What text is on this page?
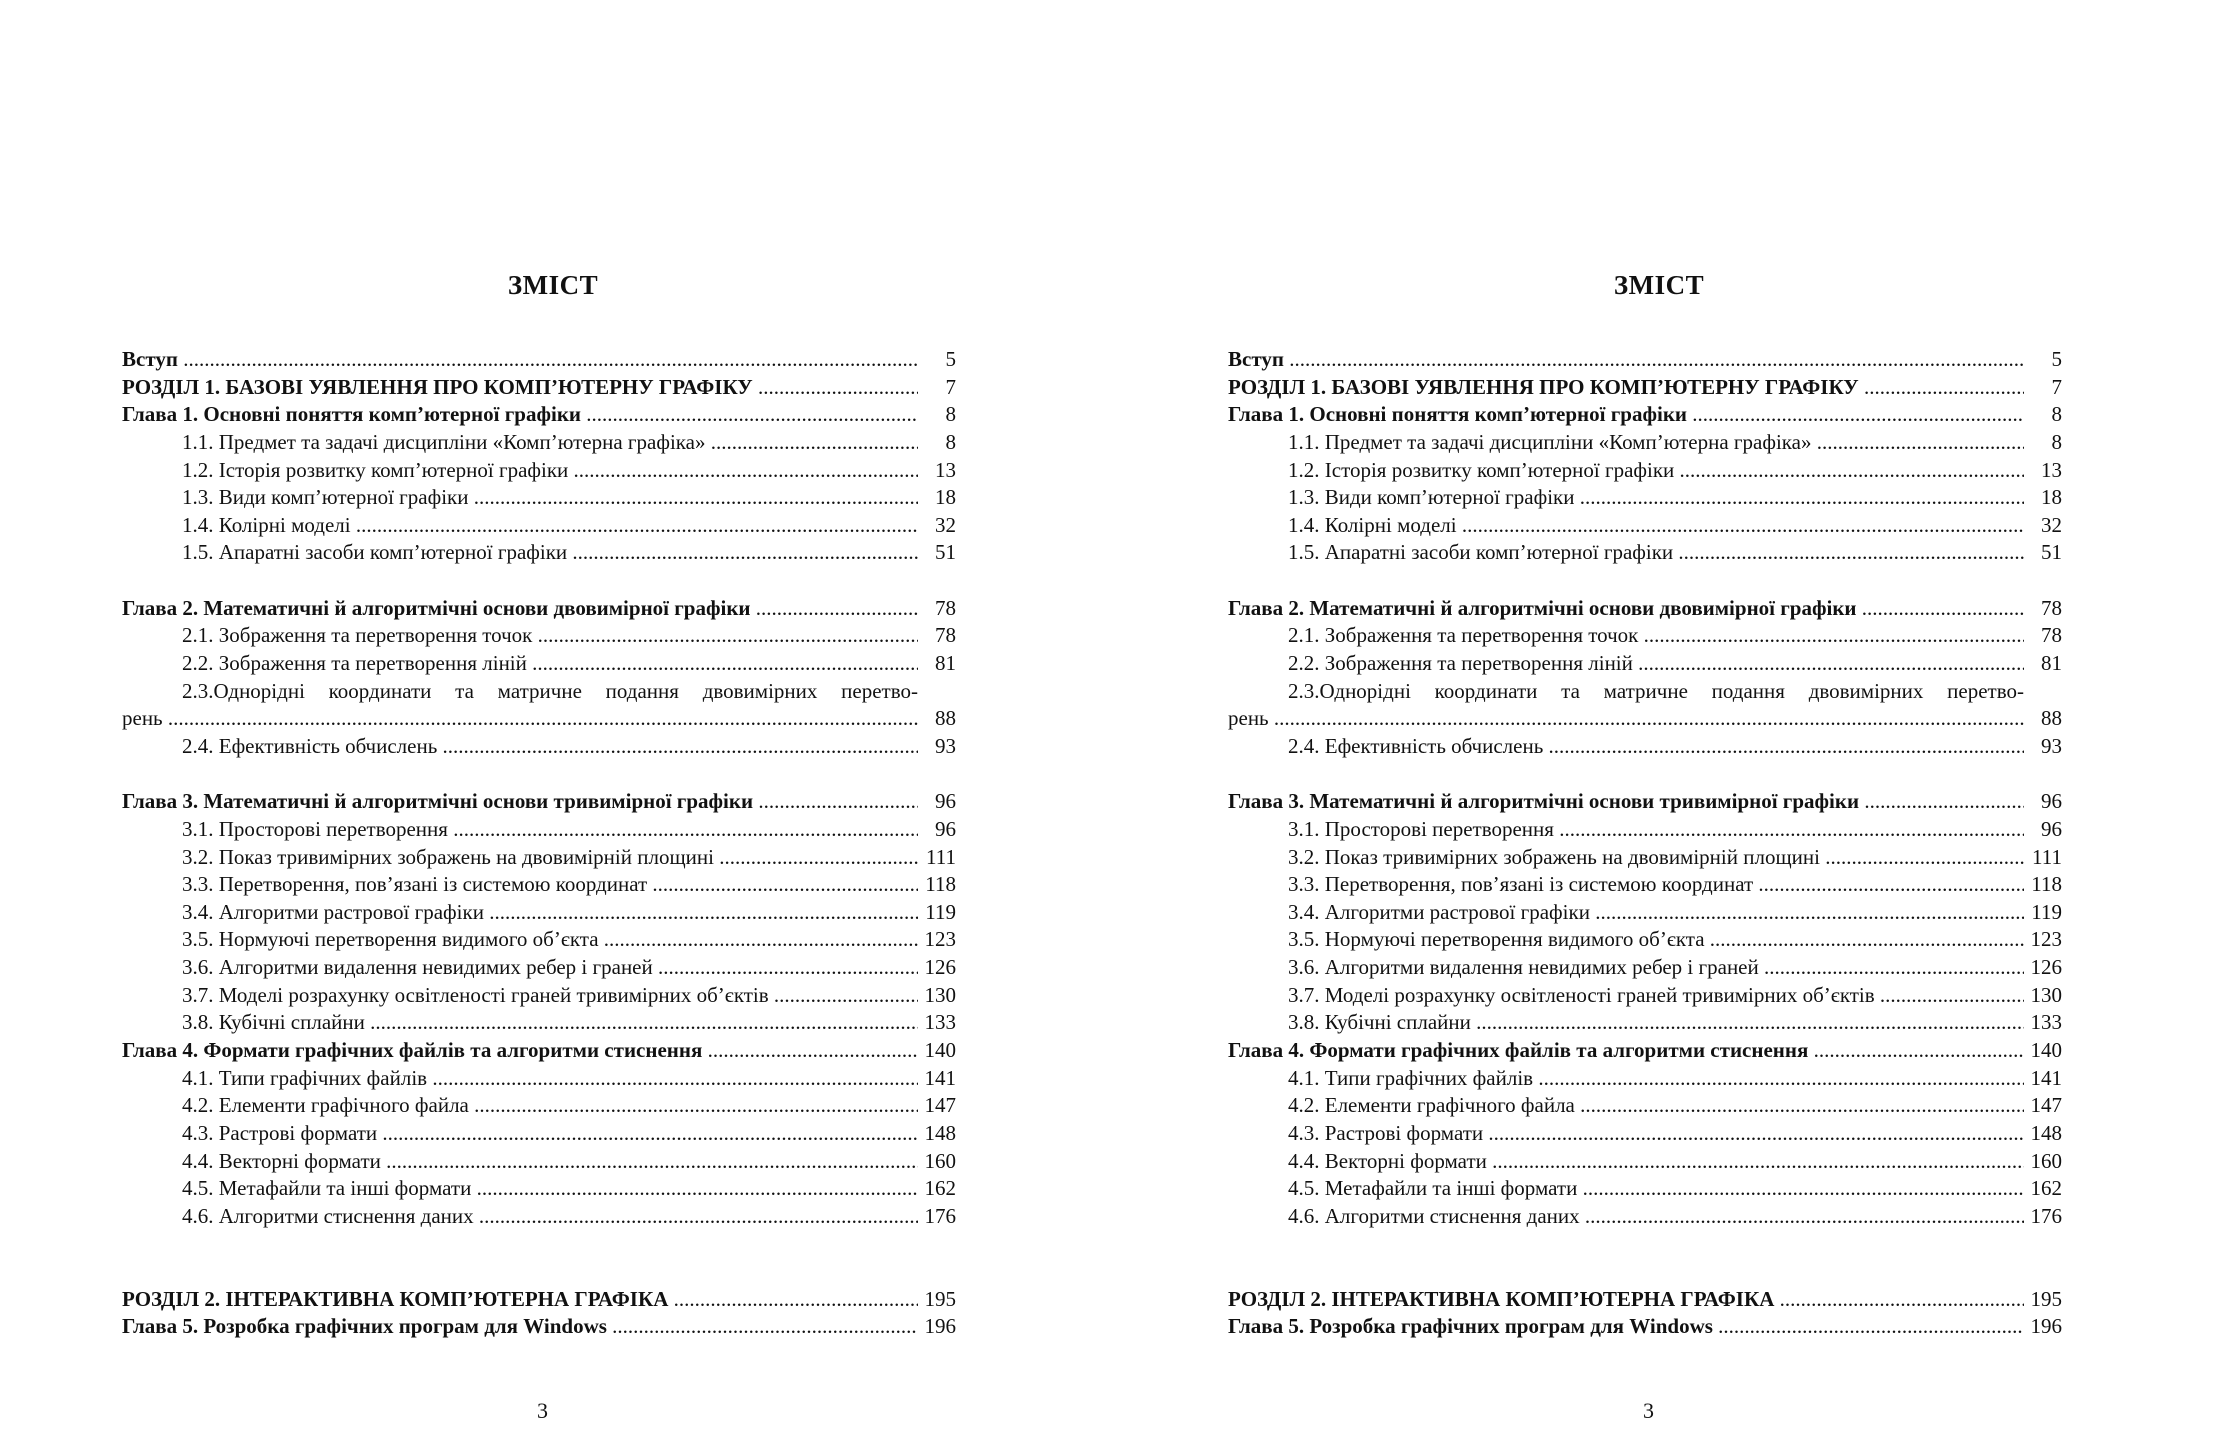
ЗМІСТ
Вступ .....	5
РОЗДІЛ 1. БАЗОВІ УЯВЛЕННЯ ПРО КОМП’ЮТЕРНУ ГРАФІКУ .....	7
Глава 1. Основні поняття комп’ютерної графіки .....	8
1.1. Предмет та задачі дисципліни «Комп’ютерна графіка» .....	8
1.2. Історія розвитку комп’ютерної графіки .....	13
1.3. Види комп’ютерної графіки .....	18
1.4. Колірні моделі .....	32
1.5. Апаратні засоби комп’ютерної графіки .....	51
Глава 2. Математичні й алгоритмічні основи двовимірної графіки .....	78
2.1. Зображення та перетворення точок .....	78
2.2. Зображення та перетворення ліній .....	81
2.3.Однорідні координати та матричне подання двовимірних перетво-
рень .....	88
2.4. Ефективність обчислень .....	93
Глава 3. Математичні й алгоритмічні основи тривимірної графіки .....	96
3.1. Просторові перетворення .....	96
3.2. Показ тривимірних зображень на двовимірній площині .....	111
3.3. Перетворення, пов’язані із системою координат .....	118
3.4. Алгоритми растрової графіки .....	119
3.5. Нормуючі перетворення видимого об’єкта .....	123
3.6. Алгоритми видалення невидимих ребер і граней .....	126
3.7. Моделі розрахунку освітленості граней тривимірних об’єктів .....	130
3.8. Кубічні сплайни .....	133
Глава 4. Формати графічних файлів та алгоритми стиснення .....	140
4.1. Типи графічних файлів .....	141
4.2. Елементи графічного файла .....	147
4.3. Растрові формати .....	148
4.4. Векторні формати .....	160
4.5. Метафайли та інші формати .....	162
4.6. Алгоритми стиснення даних .....	176
РОЗДІЛ 2. ІНТЕРАКТИВНА КОМП’ЮТЕРНА ГРАФІКА .....	195
Глава 5. Розробка графічних програм для Windows .....	196
3
ЗМІСТ
Вступ .....	5
РОЗДІЛ 1. БАЗОВІ УЯВЛЕННЯ ПРО КОМП’ЮТЕРНУ ГРАФІКУ .....	7
Глава 1. Основні поняття комп’ютерної графіки .....	8
1.1. Предмет та задачі дисципліни «Комп’ютерна графіка» .....	8
1.2. Історія розвитку комп’ютерної графіки .....	13
1.3. Види комп’ютерної графіки .....	18
1.4. Колірні моделі .....	32
1.5. Апаратні засоби комп’ютерної графіки .....	51
Глава 2. Математичні й алгоритмічні основи двовимірної графіки .....	78
2.1. Зображення та перетворення точок .....	78
2.2. Зображення та перетворення ліній .....	81
2.3.Однорідні координати та матричне подання двовимірних перетво-
рень .....	88
2.4. Ефективність обчислень .....	93
Глава 3. Математичні й алгоритмічні основи тривимірної графіки .....	96
3.1. Просторові перетворення .....	96
3.2. Показ тривимірних зображень на двовимірній площині .....	111
3.3. Перетворення, пов’язані із системою координат .....	118
3.4. Алгоритми растрової графіки .....	119
3.5. Нормуючі перетворення видимого об’єкта .....	123
3.6. Алгоритми видалення невидимих ребер і граней .....	126
3.7. Моделі розрахунку освітленості граней тривимірних об’єктів .....	130
3.8. Кубічні сплайни .....	133
Глава 4. Формати графічних файлів та алгоритми стиснення .....	140
4.1. Типи графічних файлів .....	141
4.2. Елементи графічного файла .....	147
4.3. Растрові формати .....	148
4.4. Векторні формати .....	160
4.5. Метафайли та інші формати .....	162
4.6. Алгоритми стиснення даних .....	176
РОЗДІЛ 2. ІНТЕРАКТИВНА КОМП’ЮТЕРНА ГРАФІКА .....	195
Глава 5. Розробка графічних програм для Windows .....	196
3
